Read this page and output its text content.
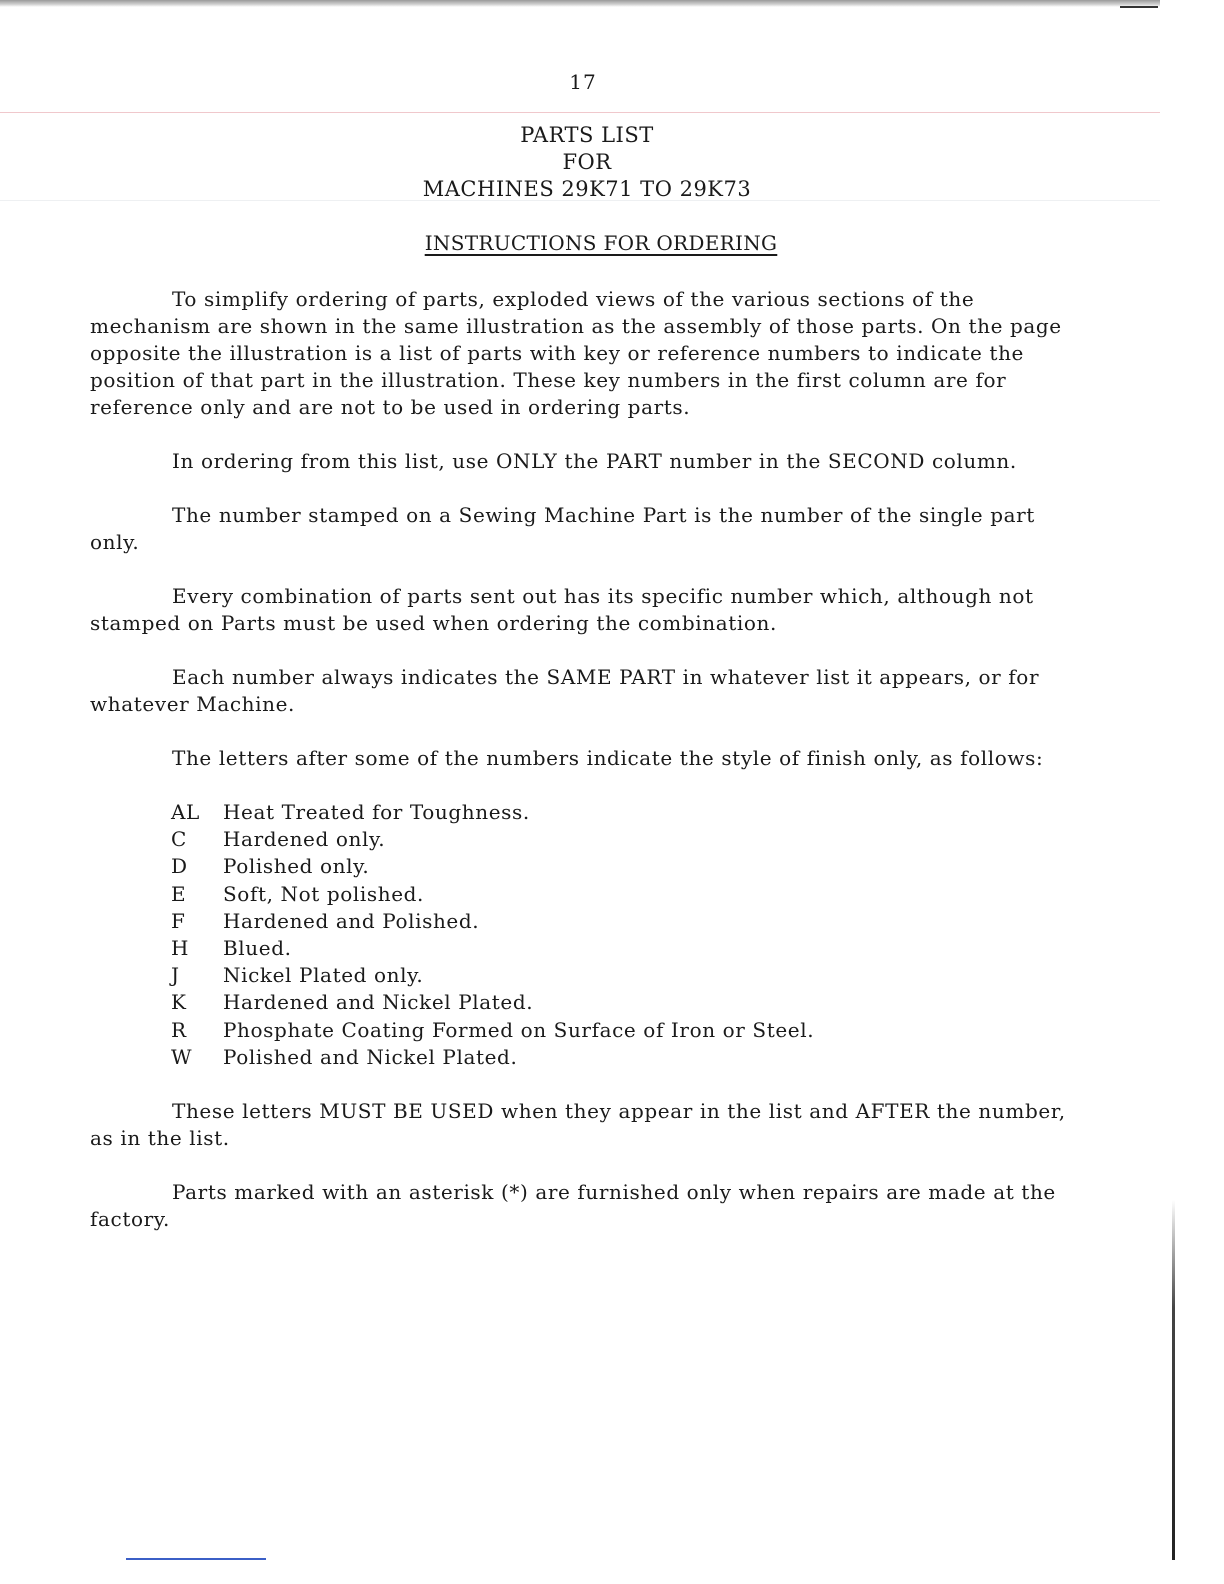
17
PARTS LIST
FOR
MACHINES 29K71 TO 29K73
INSTRUCTIONS FOR ORDERING

To simplify ordering of parts, exploded views of the various sections of the mechanism are shown in the same illustration as the assembly of those parts. On the page opposite the illustration is a list of parts with key or reference numbers to indicate the position of that part in the illustration. These key numbers in the first column are for reference only and are not to be used in ordering parts.

In ordering from this list, use ONLY the PART number in the SECOND column.

The number stamped on a Sewing Machine Part is the number of the single part only.

Every combination of parts sent out has its specific number which, although not stamped on Parts must be used when ordering the combination.

Each number always indicates the SAME PART in whatever list it appears, or for whatever Machine.

The letters after some of the numbers indicate the style of finish only, as follows:

AL	Heat Treated for Toughness.
C	Hardened only.
D	Polished only.
E	Soft, Not polished.
F	Hardened and Polished.
H	Blued.
J	Nickel Plated only.
K	Hardened and Nickel Plated.
R	Phosphate Coating Formed on Surface of Iron or Steel.
W	Polished and Nickel Plated.

These letters MUST BE USED when they appear in the list and AFTER the number, as in the list.

Parts marked with an asterisk (*) are furnished only when repairs are made at the factory.
